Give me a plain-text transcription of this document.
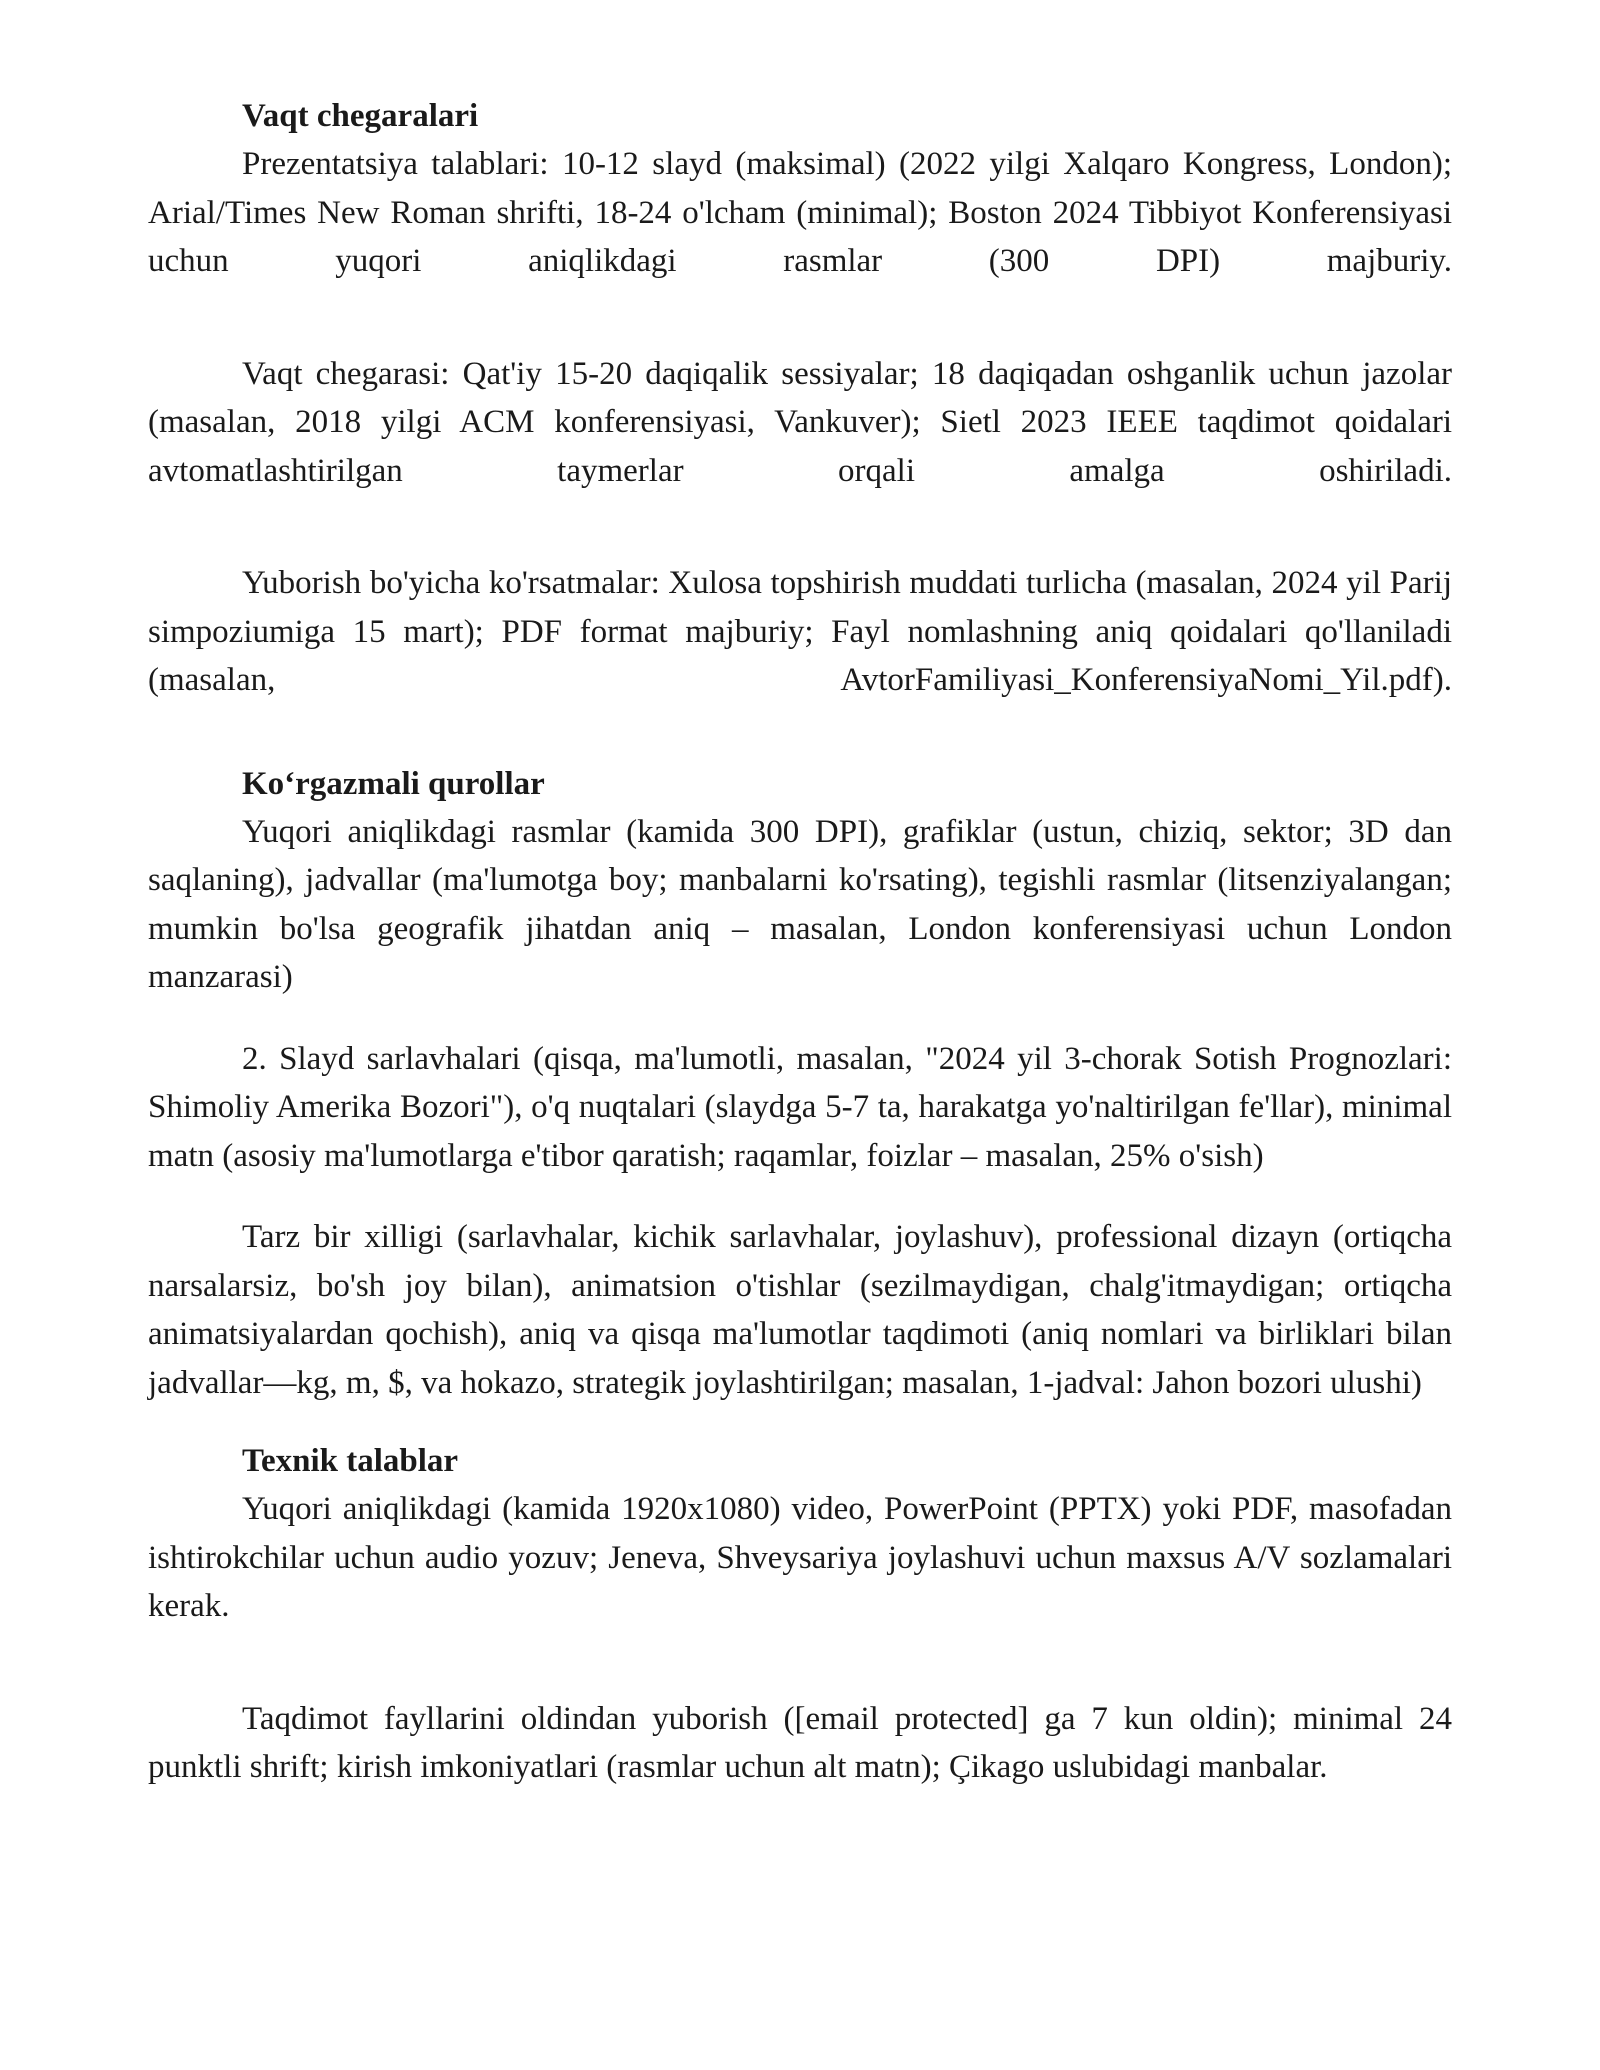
Vaqt chegaralari

Prezentatsiya talablari: 10-12 slayd (maksimal) (2022 yilgi Xalqaro Kongress, London); Arial/Times New Roman shrifti, 18-24 o'lcham (minimal); Boston 2024 Tibbiyot Konferensiyasi uchun yuqori aniqlikdagi rasmlar (300 DPI) majburiy.

Vaqt chegarasi: Qat'iy 15-20 daqiqalik sessiyalar; 18 daqiqadan oshganlik uchun jazolar (masalan, 2018 yilgi ACM konferensiyasi, Vankuver); Sietl 2023 IEEE taqdimot qoidalari avtomatlashtirilgan taymerlar orqali amalga oshiriladi.

Yuborish bo'yicha ko'rsatmalar: Xulosa topshirish muddati turlicha (masalan, 2024 yil Parij simpoziumiga 15 mart); PDF format majburiy; Fayl nomlashning aniq qoidalari qo'llaniladi (masalan, AvtorFamiliyasi_KonferensiyaNomi_Yil.pdf).

Koʻrgazmali qurollar

Yuqori aniqlikdagi rasmlar (kamida 300 DPI), grafiklar (ustun, chiziq, sektor; 3D dan saqlaning), jadvallar (ma'lumotga boy; manbalarni ko'rsating), tegishli rasmlar (litsenziyalangan; mumkin bo'lsa geografik jihatdan aniq – masalan, London konferensiyasi uchun London manzarasi)

2. Slayd sarlavhalari (qisqa, ma'lumotli, masalan, "2024 yil 3-chorak Sotish Prognozlari: Shimoliy Amerika Bozori"), o'q nuqtalari (slaydga 5-7 ta, harakatga yo'naltirilgan fe'llar), minimal matn (asosiy ma'lumotlarga e'tibor qaratish; raqamlar, foizlar – masalan, 25% o'sish)

Tarz bir xilligi (sarlavhalar, kichik sarlavhalar, joylashuv), professional dizayn (ortiqcha narsalarsiz, bo'sh joy bilan), animatsion o'tishlar (sezilmaydigan, chalg'itmaydigan; ortiqcha animatsiyalardan qochish), aniq va qisqa ma'lumotlar taqdimoti (aniq nomlari va birliklari bilan jadvallar—kg, m, $, va hokazo, strategik joylashtirilgan; masalan, 1-jadval: Jahon bozori ulushi)

Texnik talablar

Yuqori aniqlikdagi (kamida 1920x1080) video, PowerPoint (PPTX) yoki PDF, masofadan ishtirokchilar uchun audio yozuv; Jeneva, Shveysariya joylashuvi uchun maxsus A/V sozlamalari kerak.

Taqdimot fayllarini oldindan yuborish ([email protected] ga 7 kun oldin); minimal 24 punktli shrift; kirish imkoniyatlari (rasmlar uchun alt matn); Çikago uslubidagi manbalar.
